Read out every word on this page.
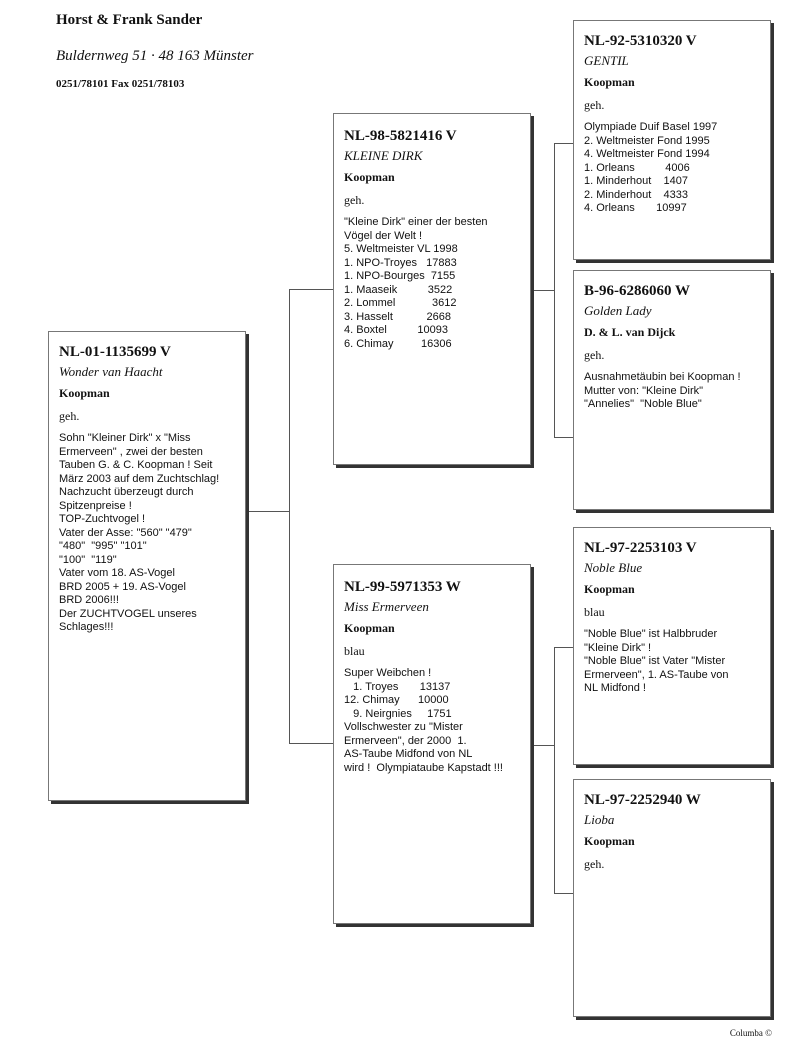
Horst & Frank Sander
Buldernweg 51 · 48 163 Münster
0251/78101 Fax 0251/78103
NL-01-1135699 V
Wonder van Haacht
Koopman
geh.
Sohn "Kleiner Dirk" x "Miss
Ermerveen" , zwei der besten
Tauben G. & C. Koopman ! Seit
März 2003 auf dem Zuchtschlag!
Nachzucht überzeugt durch
Spitzenpreise !
TOP-Zuchtvogel !
Vater der Asse: "560" "479"
"480"  "995" "101"
"100"  "119"
Vater vom 18. AS-Vogel
BRD 2005 + 19. AS-Vogel
BRD 2006!!!
Der ZUCHTVOGEL unseres
Schlages!!!
NL-98-5821416 V
KLEINE DIRK
Koopman
geh.
"Kleine Dirk" einer der besten
Vögel der Welt !
5. Weltmeister VL 1998
1. NPO-Troyes   17883
1. NPO-Bourges  7155
1. Maaseik          3522
2. Lommel            3612
3. Hasselt           2668
4. Boxtel          10093
6. Chimay         16306
NL-99-5971353 W
Miss Ermerveen
Koopman
blau
Super Weibchen !
1. Troyes       13137
12. Chimay      10000
9. Neirgnies     1751
Vollschwester zu "Mister
Ermerveen", der 2000  1.
AS-Taube Midfond von NL
wird !  Olympiataube Kapstadt !!!
NL-92-5310320 V
GENTIL
Koopman
geh.
Olympiade Duif Basel 1997
2. Weltmeister Fond 1995
4. Weltmeister Fond 1994
1. Orleans          4006
1. Minderhout    1407
2. Minderhout    4333
4. Orleans       10997
B-96-6286060 W
Golden Lady
D. & L. van Dijck
geh.
Ausnahmetäubin bei Koopman !
Mutter von: "Kleine Dirk"
"Annelies"  "Noble Blue"
NL-97-2253103 V
Noble Blue
Koopman
blau
"Noble Blue" ist Halbbruder
"Kleine Dirk" !
"Noble Blue" ist Vater "Mister
Ermerveen", 1. AS-Taube von
NL Midfond !
NL-97-2252940 W
Lioba
Koopman
geh.
Columba ©
